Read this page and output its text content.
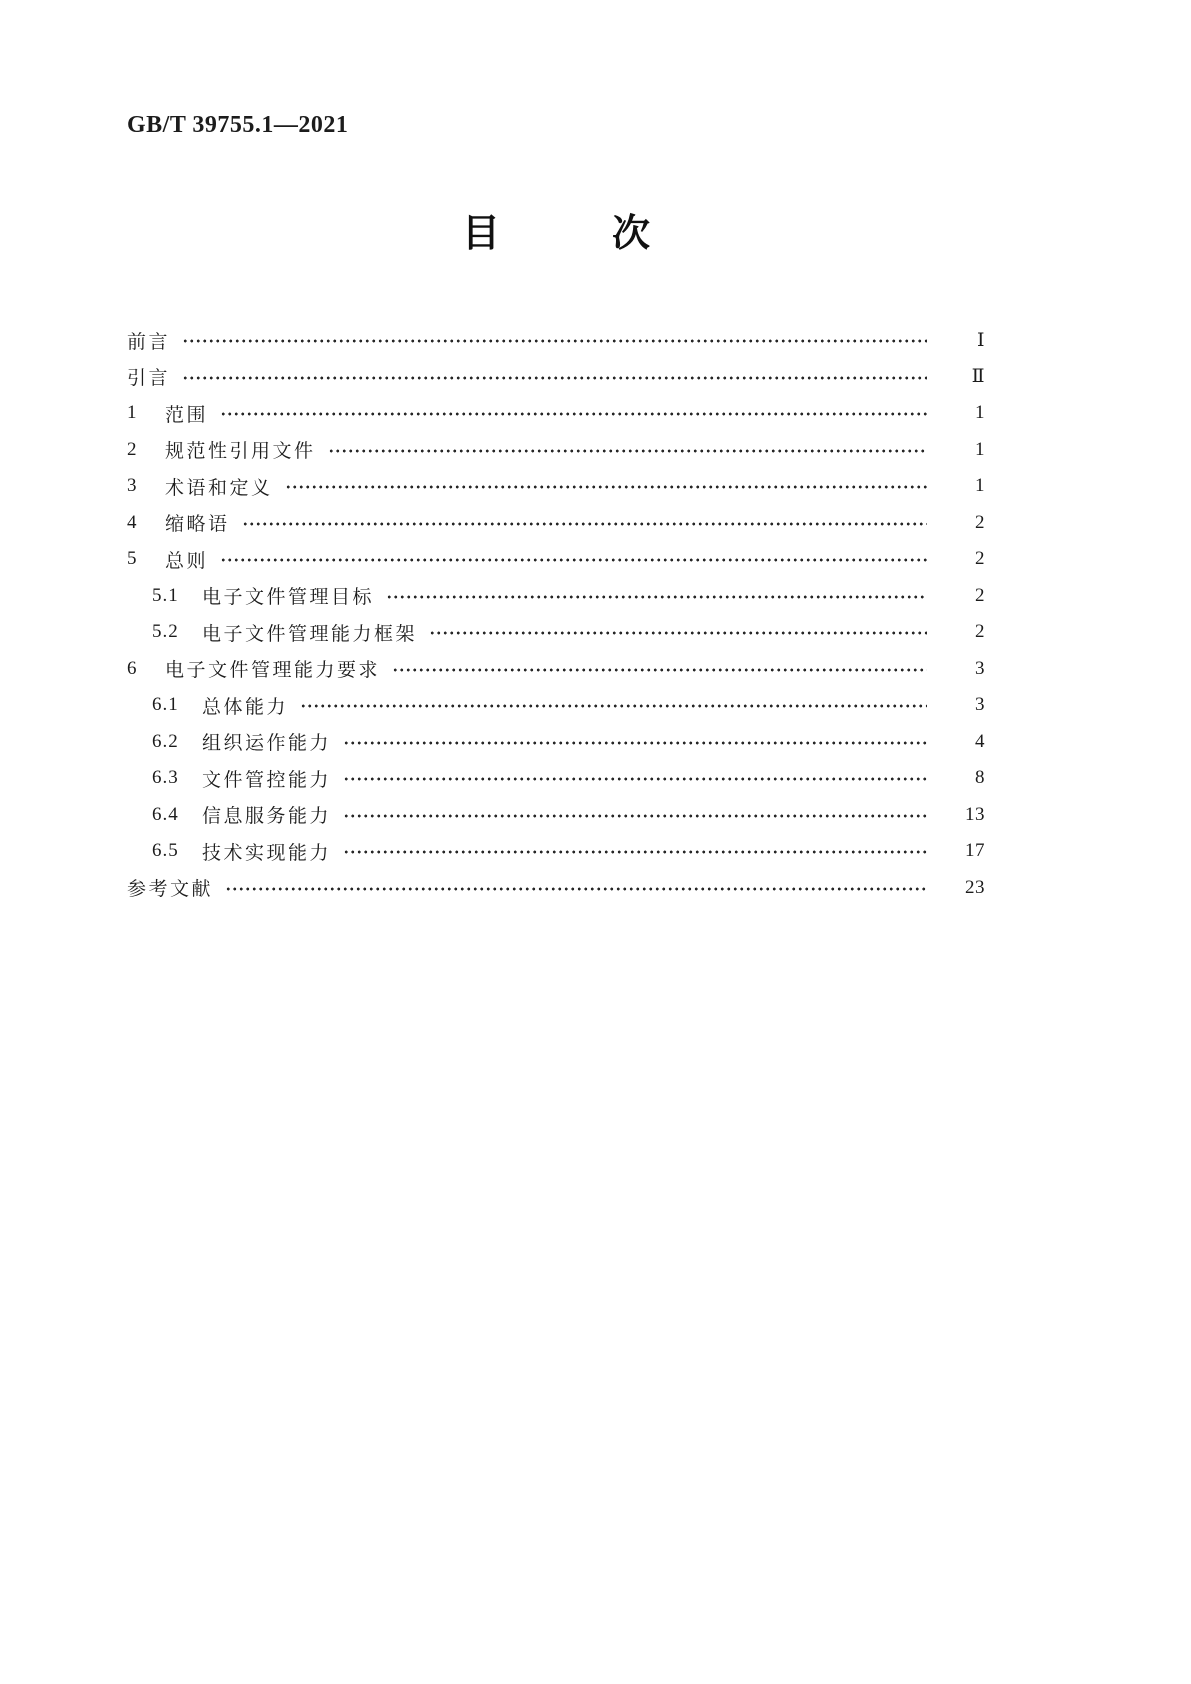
GB/T 39755.1—2021
目	次
前言	Ⅰ
引言	Ⅱ
1	范围	1
2	规范性引用文件	1
3	术语和定义	1
4	缩略语	2
5	总则	2
5.1	电子文件管理目标	2
5.2	电子文件管理能力框架	2
6	电子文件管理能力要求	3
6.1	总体能力	3
6.2	组织运作能力	4
6.3	文件管控能力	8
6.4	信息服务能力	13
6.5	技术实现能力	17
参考文献	23
